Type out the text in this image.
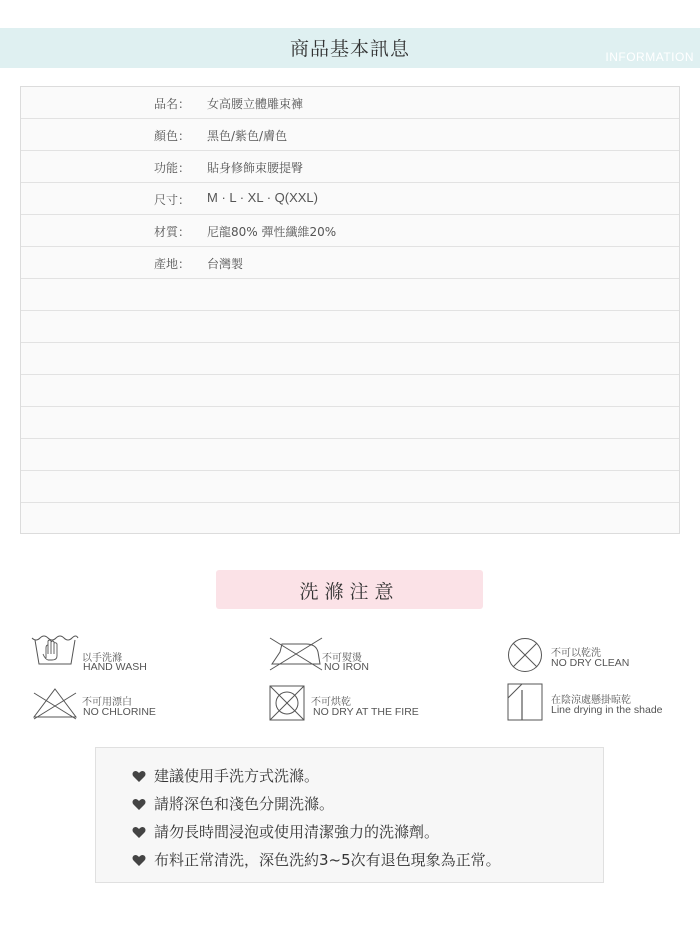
商品基本訊息	INFORMATION
品名： 女高腰立體雕束褲
顏色： 黑色/紫色/膚色
功能： 貼身修飾束腰提臀
尺寸： M · L · XL · Q(XXL)
材質： 尼龍80% 彈性纖維20%
產地： 台灣製
洗滌注意
以手洗滌
HAND WASH
不可熨燙
NO IRON
不可以乾洗
NO DRY CLEAN
不可用漂白
NO CHLORINE
不可烘乾
NO DRY AT THE FIRE
在陰涼處懸掛晾乾
Line drying in the shade
建議使用手洗方式洗滌。
請將深色和淺色分開洗滌。
請勿長時間浸泡或使用清潔強力的洗滌劑。
布料正常清洗，深色洗約3~5次有退色現象為正常。
